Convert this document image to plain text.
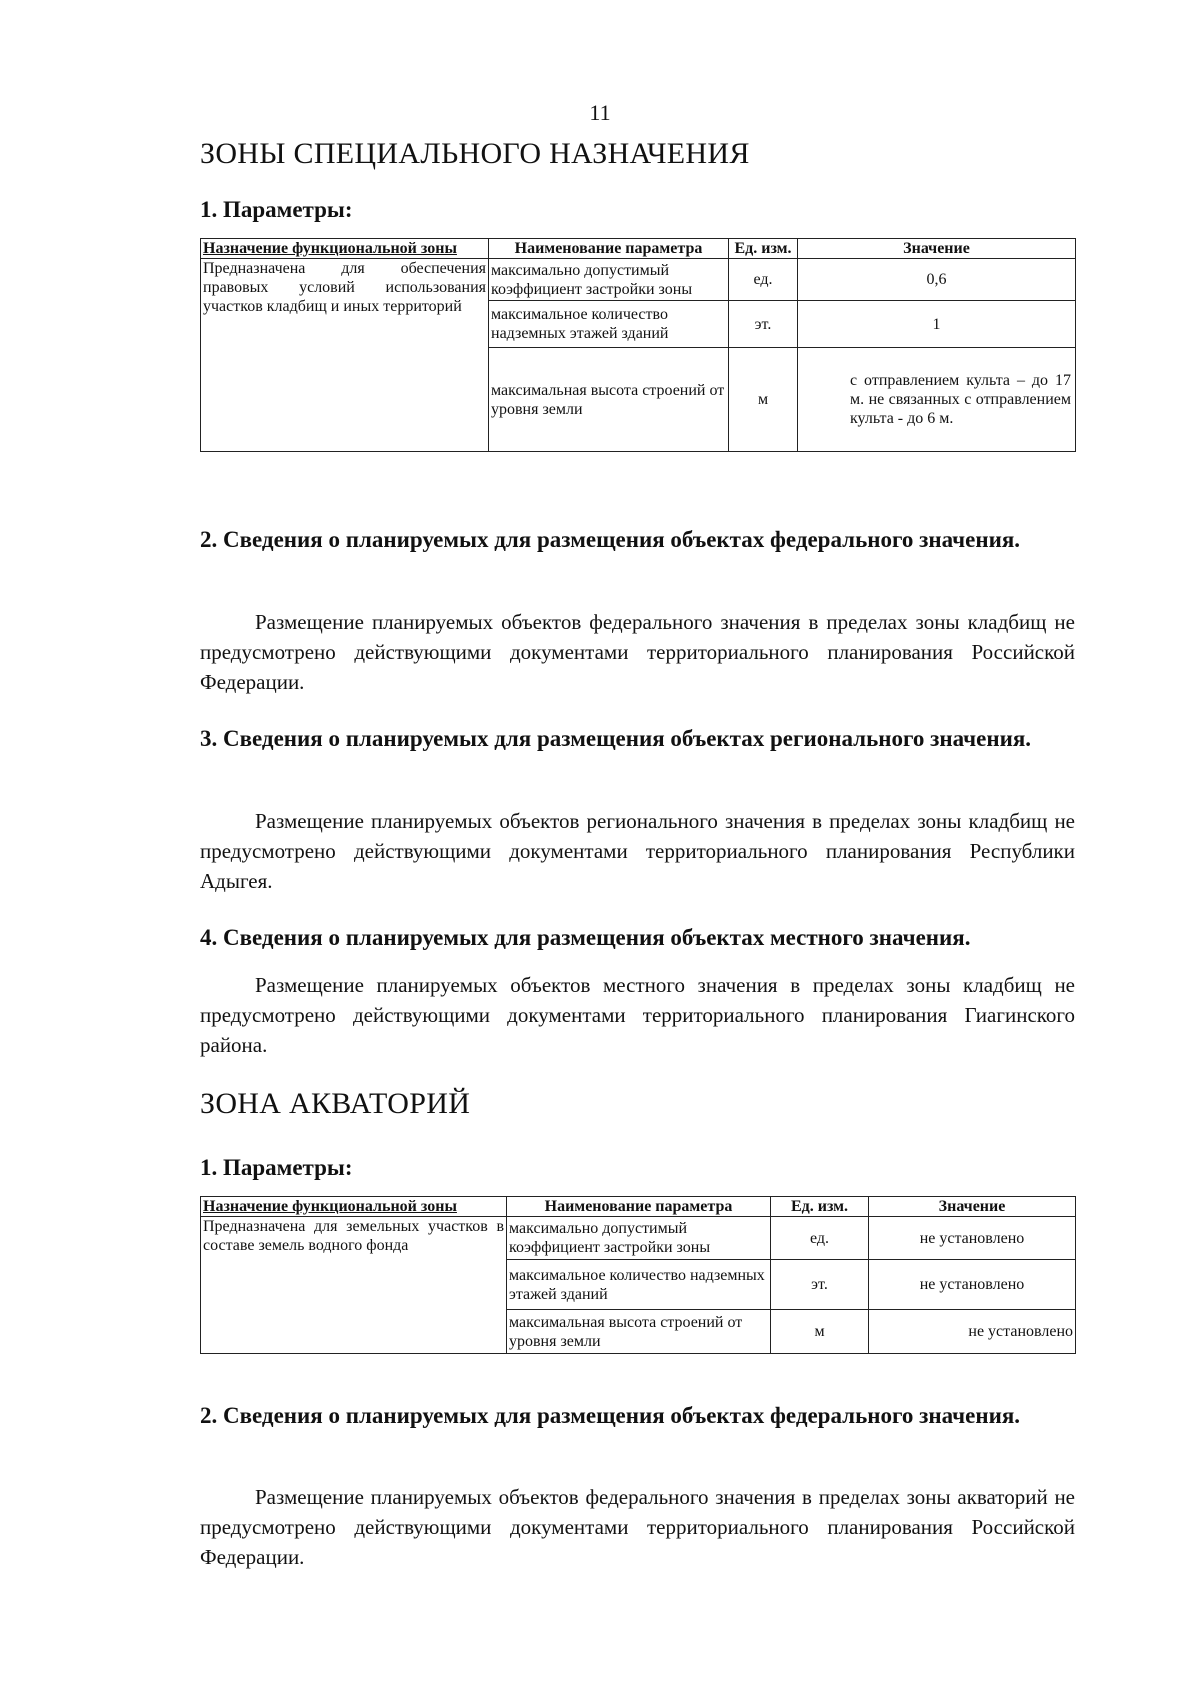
11
ЗОНЫ СПЕЦИАЛЬНОГО НАЗНАЧЕНИЯ
1. Параметры:
Назначение функциональной зоны	Наименование параметра	Ед. изм.	Значение
Предназначена для обеспечения правовых условий использования участков кладбищ и иных территорий	максимально допустимый коэффициент застройки зоны	ед.	0,6
	максимальное количество надземных этажей зданий	эт.	1
	максимальная высота строений от уровня земли	м	с отправлением культа – до 17 м. не связанных с отправлением культа - до 6 м.
2. Сведения о планируемых для размещения объектах федерального значения.
Размещение планируемых объектов федерального значения в пределах зоны кладбищ не предусмотрено действующими документами территориального планирования Российской Федерации.
3. Сведения о планируемых для размещения объектах регионального значения.
Размещение планируемых объектов регионального значения в пределах зоны кладбищ не предусмотрено действующими документами территориального планирования Республики Адыгея.
4. Сведения о планируемых для размещения объектах местного значения.
Размещение планируемых объектов местного значения в пределах зоны кладбищ не предусмотрено действующими документами территориального планирования Гиагинского района.
ЗОНА АКВАТОРИЙ
1. Параметры:
Назначение функциональной зоны	Наименование параметра	Ед. изм.	Значение
Предназначена для земельных участков в составе земель водного фонда	максимально допустимый коэффициент застройки зоны	ед.	не установлено
	максимальное количество надземных этажей зданий	эт.	не установлено
	максимальная высота строений от уровня земли	м	не установлено
2. Сведения о планируемых для размещения объектах федерального значения.
Размещение планируемых объектов федерального значения в пределах зоны акваторий не предусмотрено действующими документами территориального планирования Российской Федерации.
